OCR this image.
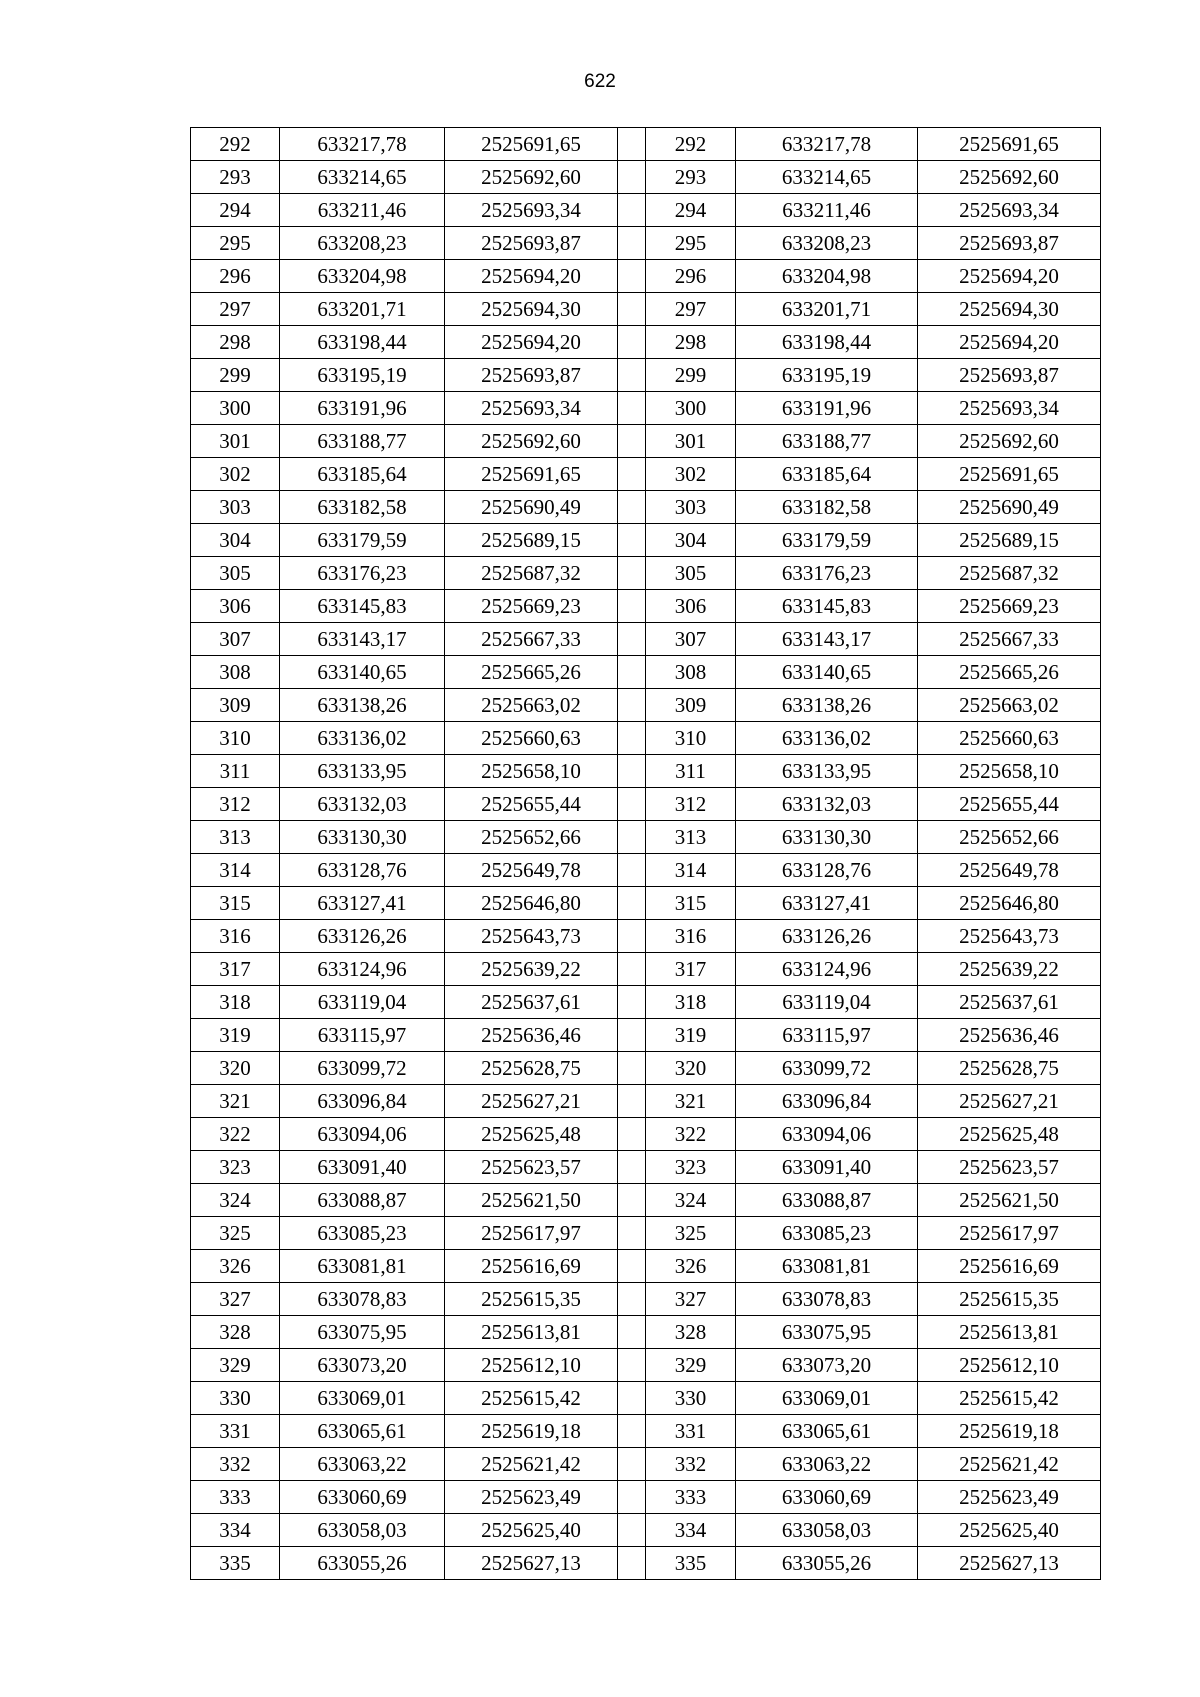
622
292	633217,78	2525691,65		292	633217,78	2525691,65
293	633214,65	2525692,60		293	633214,65	2525692,60
294	633211,46	2525693,34		294	633211,46	2525693,34
295	633208,23	2525693,87		295	633208,23	2525693,87
296	633204,98	2525694,20		296	633204,98	2525694,20
297	633201,71	2525694,30		297	633201,71	2525694,30
298	633198,44	2525694,20		298	633198,44	2525694,20
299	633195,19	2525693,87		299	633195,19	2525693,87
300	633191,96	2525693,34		300	633191,96	2525693,34
301	633188,77	2525692,60		301	633188,77	2525692,60
302	633185,64	2525691,65		302	633185,64	2525691,65
303	633182,58	2525690,49		303	633182,58	2525690,49
304	633179,59	2525689,15		304	633179,59	2525689,15
305	633176,23	2525687,32		305	633176,23	2525687,32
306	633145,83	2525669,23		306	633145,83	2525669,23
307	633143,17	2525667,33		307	633143,17	2525667,33
308	633140,65	2525665,26		308	633140,65	2525665,26
309	633138,26	2525663,02		309	633138,26	2525663,02
310	633136,02	2525660,63		310	633136,02	2525660,63
311	633133,95	2525658,10		311	633133,95	2525658,10
312	633132,03	2525655,44		312	633132,03	2525655,44
313	633130,30	2525652,66		313	633130,30	2525652,66
314	633128,76	2525649,78		314	633128,76	2525649,78
315	633127,41	2525646,80		315	633127,41	2525646,80
316	633126,26	2525643,73		316	633126,26	2525643,73
317	633124,96	2525639,22		317	633124,96	2525639,22
318	633119,04	2525637,61		318	633119,04	2525637,61
319	633115,97	2525636,46		319	633115,97	2525636,46
320	633099,72	2525628,75		320	633099,72	2525628,75
321	633096,84	2525627,21		321	633096,84	2525627,21
322	633094,06	2525625,48		322	633094,06	2525625,48
323	633091,40	2525623,57		323	633091,40	2525623,57
324	633088,87	2525621,50		324	633088,87	2525621,50
325	633085,23	2525617,97		325	633085,23	2525617,97
326	633081,81	2525616,69		326	633081,81	2525616,69
327	633078,83	2525615,35		327	633078,83	2525615,35
328	633075,95	2525613,81		328	633075,95	2525613,81
329	633073,20	2525612,10		329	633073,20	2525612,10
330	633069,01	2525615,42		330	633069,01	2525615,42
331	633065,61	2525619,18		331	633065,61	2525619,18
332	633063,22	2525621,42		332	633063,22	2525621,42
333	633060,69	2525623,49		333	633060,69	2525623,49
334	633058,03	2525625,40		334	633058,03	2525625,40
335	633055,26	2525627,13		335	633055,26	2525627,13
